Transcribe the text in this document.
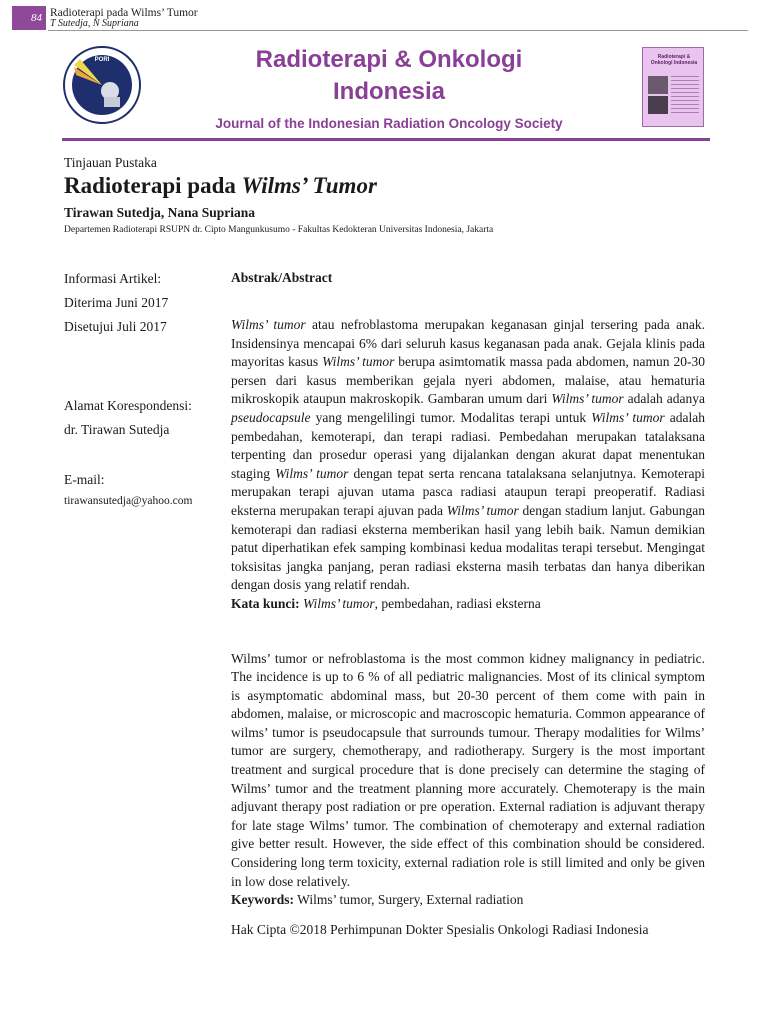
84 Radioterapi pada Wilms’ Tumor
T Sutedja, N Supriana
PORI	Radioterapi & Onkologi
Indonesia
Journal of the Indonesian Radiation Oncology Society
Radioterapi & Onkologi Indonesia
Tinjauan Pustaka
Radioterapi pada Wilms’ Tumor
Tirawan Sutedja, Nana Supriana
Departemen Radioterapi RSUPN dr. Cipto Mangunkusumo - Fakultas Kedokteran Universitas Indonesia, Jakarta
Informasi Artikel:
Diterima Juni 2017
Disetujui Juli 2017
Alamat Korespondensi:
dr. Tirawan Sutedja
E-mail:
tirawansutedja@yahoo.com
Abstrak/Abstract

Wilms’ tumor atau nefroblastoma merupakan keganasan ginjal tersering pada anak. Insidensinya mencapai 6% dari seluruh kasus keganasan pada anak. Gejala klinis pada mayoritas kasus Wilms’ tumor berupa asimtomatik massa pada abdomen, namun 20-30 persen dari kasus memberikan gejala nyeri abdomen, malaise, atau hematuria mikroskopik ataupun makroskopik. Gambaran umum dari Wilms’ tumor adalah adanya pseudocapsule yang mengelilingi tumor. Modalitas terapi untuk Wilms’ tumor adalah pembedahan, kemoterapi, dan terapi radiasi. Pembedahan merupakan tatalaksana terpenting dan prosedur operasi yang dijalankan dengan akurat dapat menentukan staging Wilms’ tumor dengan tepat serta rencana tatalaksana selanjutnya. Kemoterapi merupakan terapi ajuvan utama pasca radiasi ataupun terapi preoperatif. Radiasi eksterna merupakan terapi ajuvan pada Wilms’ tumor dengan stadium lanjut. Gabungan kemoterapi dan radiasi eksterna memberikan hasil yang lebih baik. Namun demikian patut diperhatikan efek samping kombinasi kedua modalitas terapi tersebut. Mengingat toksisitas jangka panjang, peran radiasi eksterna masih terbatas dan hanya diberikan dengan dosis yang relatif rendah.

Kata kunci: Wilms’ tumor, pembedahan, radiasi eksterna

Wilms’ tumor or nefroblastoma is the most common kidney malignancy in pediatric. The incidence is up to 6 % of all pediatric malignancies. Most of its clinical symptom is asymptomatic abdominal mass, but 20-30 percent of them come with pain in abdomen, malaise, or microscopic and macroscopic hematuria. Common appearance of wilms’ tumor is pseudocapsule that surrounds tumour. Therapy modalities for Wilms’ tumor are surgery, chemotherapy, and radiotherapy. Surgery is the most important treatment and surgical procedure that is done precisely can determine the staging of Wilms’ tumor and the treatment planning more accurately. Chemoterapy is the main adjuvant therapy post radiation or pre operation. External radiation is adjuvant therapy for late stage Wilms’ tumor. The combination of chemoterapy and external radiation give better result. However, the side effect of this combination should be considered. Considering long term toxicity, external radiation role is still limited and only be given in low dose relatively.

Keywords: Wilms’ tumor, Surgery, External radiation

Hak Cipta ©2018 Perhimpunan Dokter Spesialis Onkologi Radiasi Indonesia
